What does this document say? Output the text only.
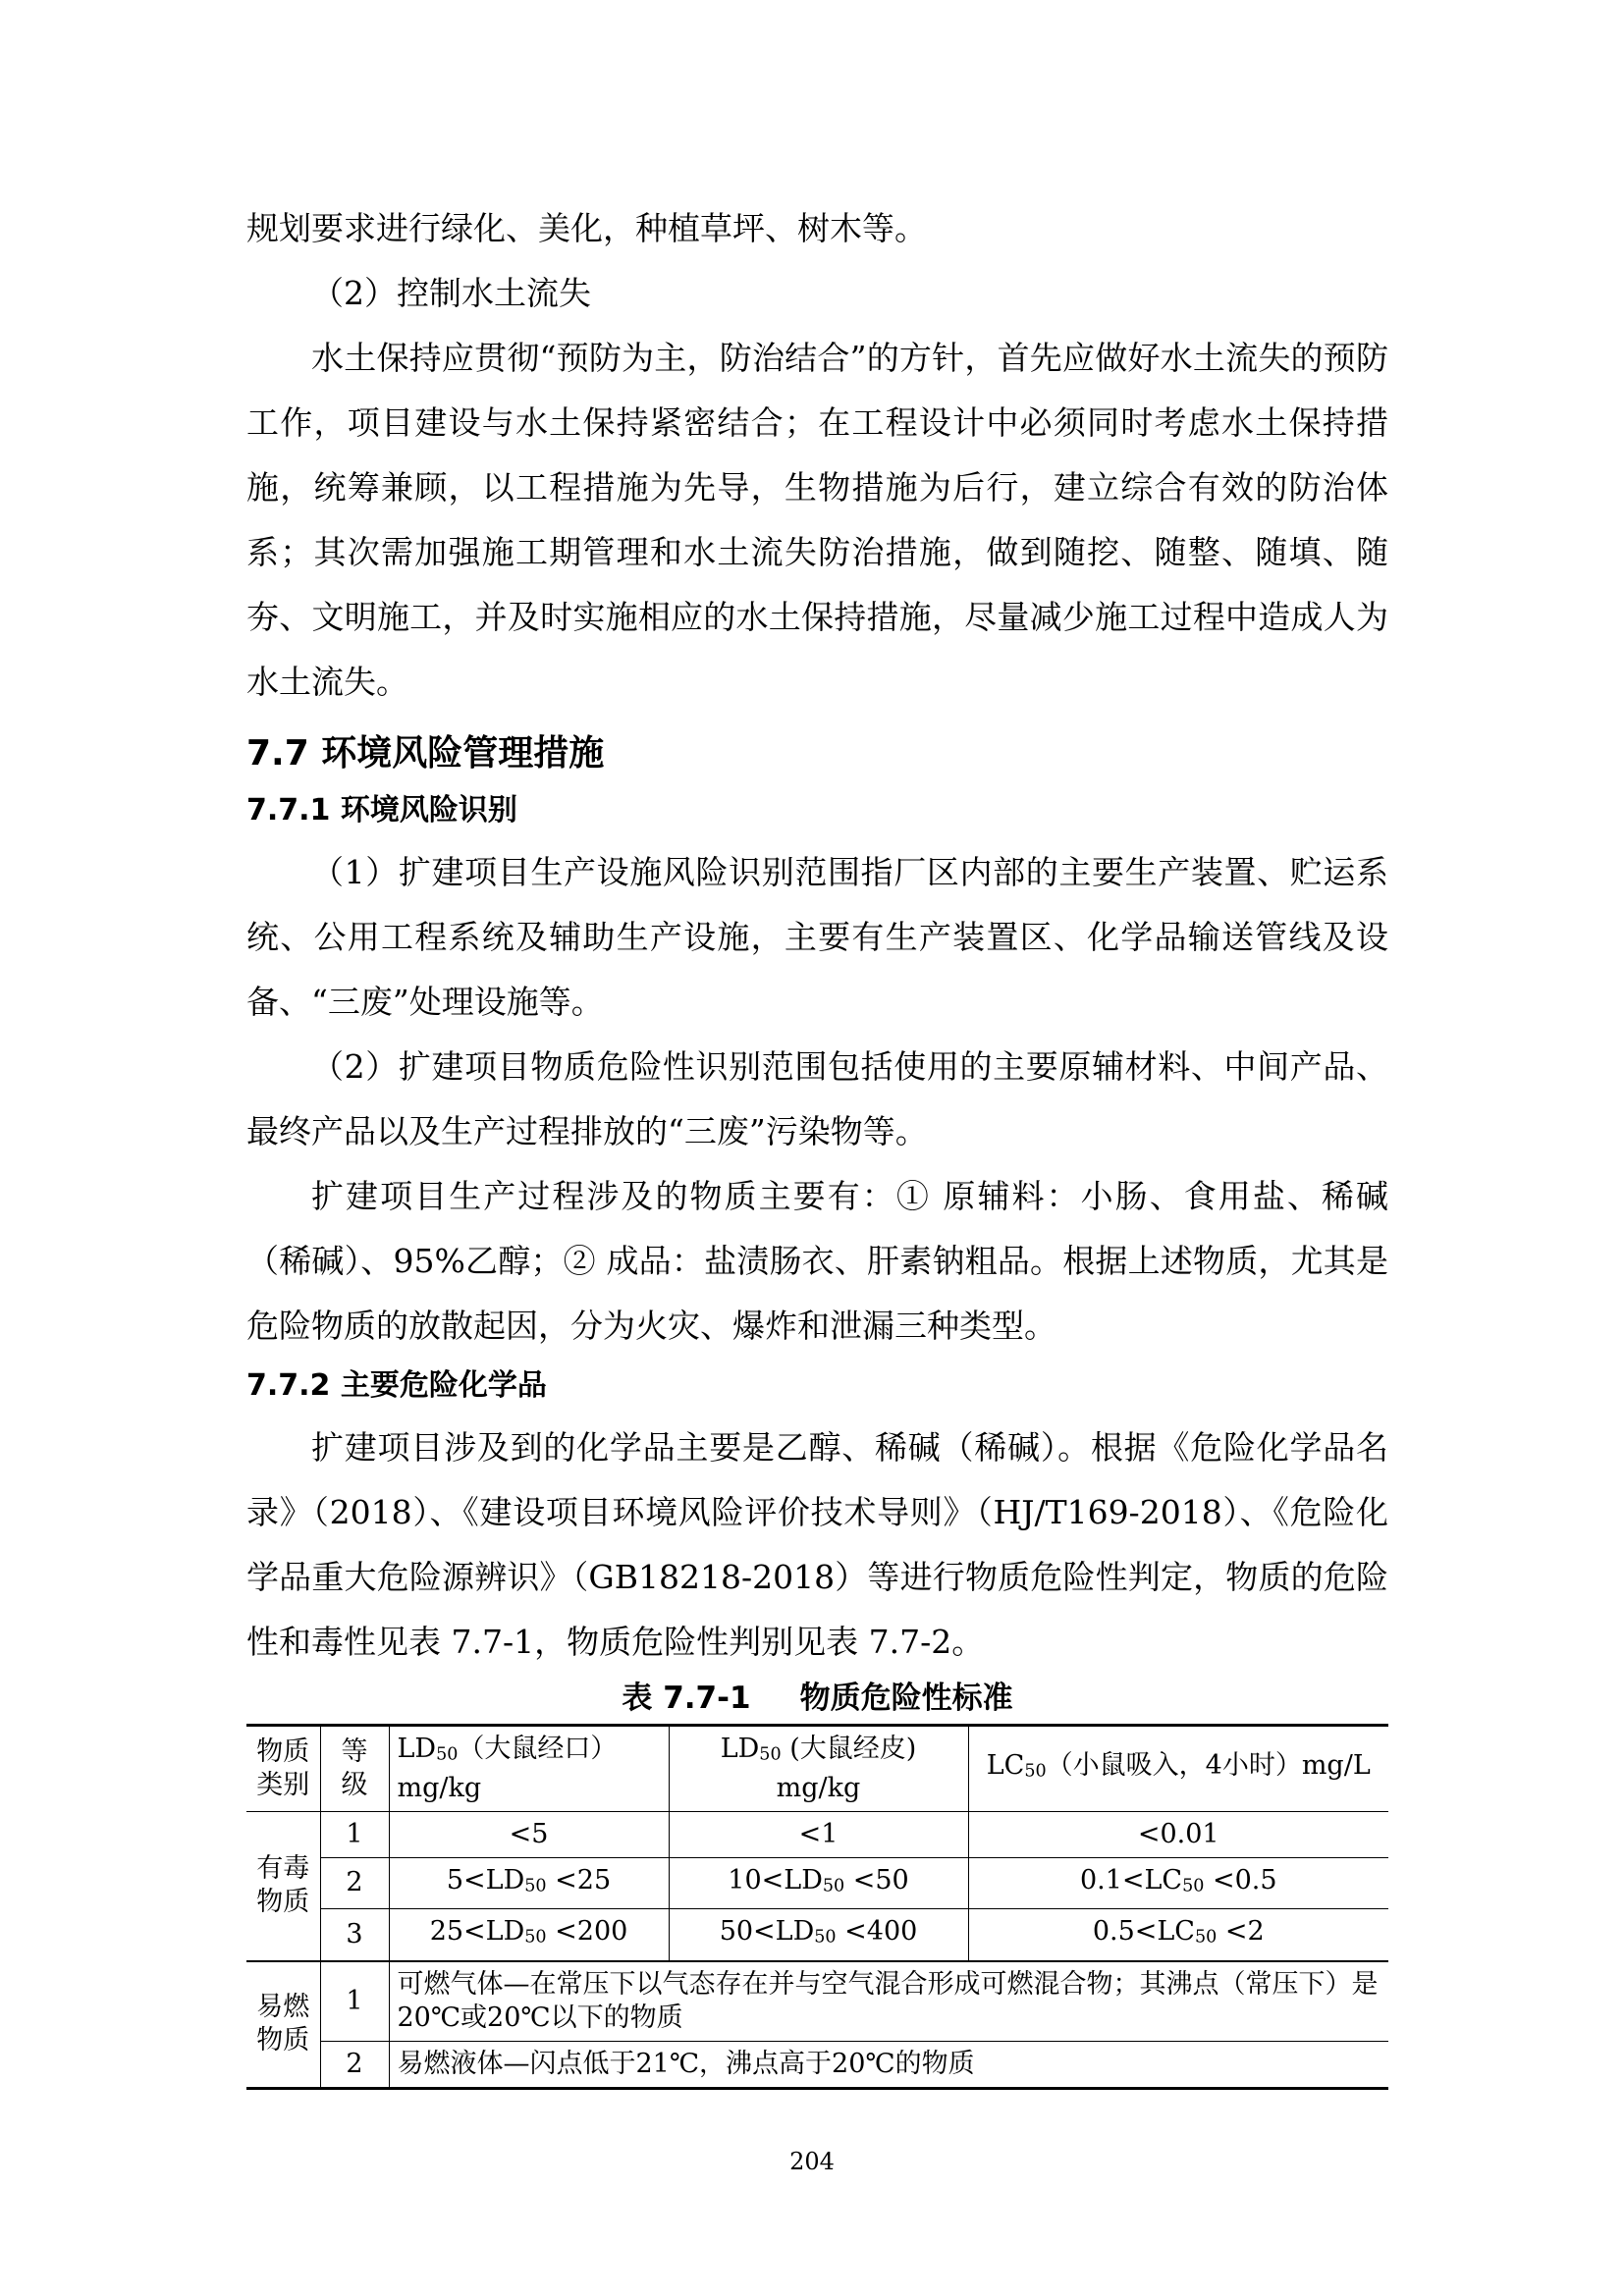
规划要求进行绿化、美化，种植草坪、树木等。

（2）控制水土流失

水土保持应贯彻“预防为主，防治结合”的方针，首先应做好水土流失的预防工作，项目建设与水土保持紧密结合；在工程设计中必须同时考虑水土保持措施，统筹兼顾，以工程措施为先导，生物措施为后行，建立综合有效的防治体系；其次需加强施工期管理和水土流失防治措施，做到随挖、随整、随填、随夯、文明施工，并及时实施相应的水土保持措施，尽量减少施工过程中造成人为水土流失。

7.7 环境风险管理措施
7.7.1 环境风险识别

（1）扩建项目生产设施风险识别范围指厂区内部的主要生产装置、贮运系统、公用工程系统及辅助生产设施，主要有生产装置区、化学品输送管线及设备、“三废”处理设施等。

（2）扩建项目物质危险性识别范围包括使用的主要原辅材料、中间产品、最终产品以及生产过程排放的“三废”污染物等。

扩建项目生产过程涉及的物质主要有：① 原辅料：小肠、食用盐、稀碱（稀碱）、95%乙醇；② 成品：盐渍肠衣、肝素钠粗品。根据上述物质，尤其是危险物质的放散起因，分为火灾、爆炸和泄漏三种类型。

7.7.2 主要危险化学品

扩建项目涉及到的化学品主要是乙醇、稀碱（稀碱）。根据《危险化学品名录》（2018）、《建设项目环境风险评价技术导则》（HJ/T169-2018）、《危险化学品重大危险源辨识》（GB18218-2018）等进行物质危险性判定，物质的危险性和毒性见表 7.7-1，物质危险性判别见表 7.7-2。

表 7.7-1 物质危险性标准
物质类别	等级	LD50（大鼠经口）mg/kg	LD50 (大鼠经皮) mg/kg	LC50（小鼠吸入，4小时）mg/L
有毒物质	1	<5	<1	<0.01
	2	5<LD50 <25	10<LD50 <50	0.1<LC50 <0.5
	3	25<LD50 <200	50<LD50 <400	0.5<LC50 <2
易燃物质	1	可燃气体—在常压下以气态存在并与空气混合形成可燃混合物；其沸点（常压下）是20℃或20℃以下的物质		
	2	易燃液体—闪点低于21℃，沸点高于20℃的物质		
204
